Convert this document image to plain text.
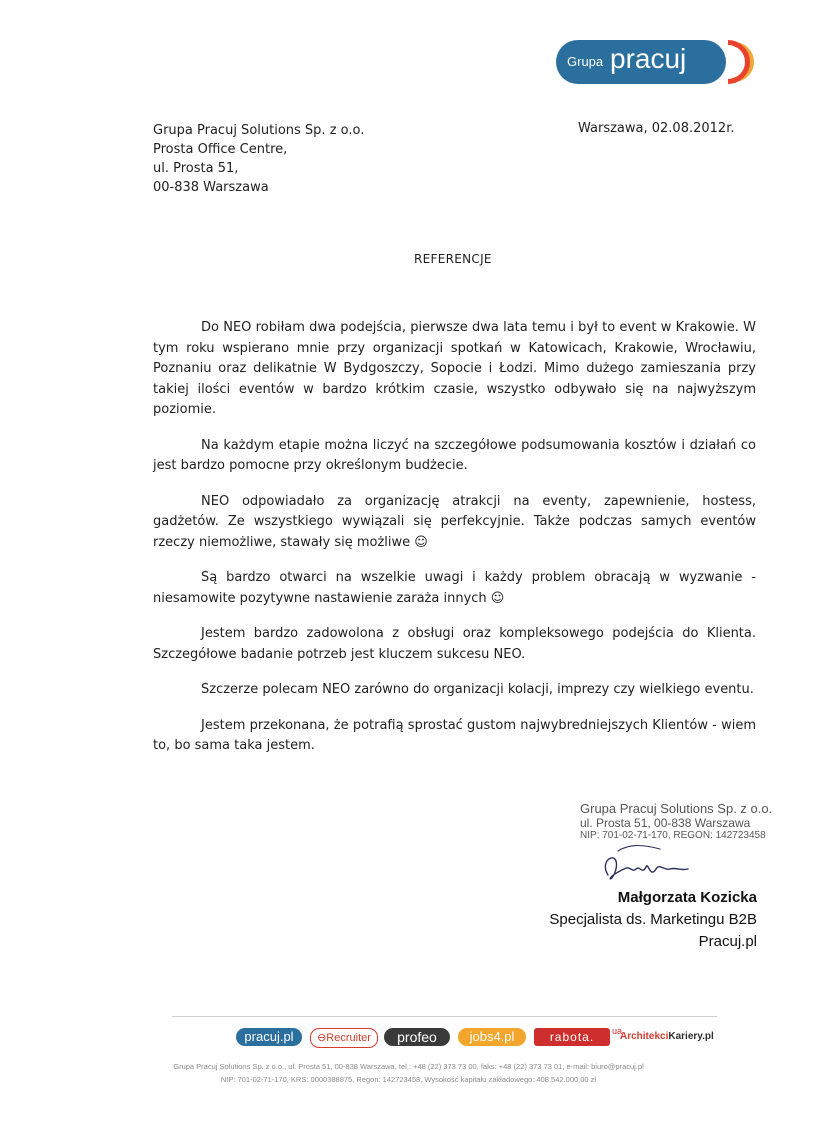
Grupa pracuj
Grupa Pracuj Solutions Sp. z o.o.
Prosta Office Centre,
ul. Prosta 51,
00-838 Warszawa
Warszawa, 02.08.2012r.
REFERENCJE

Do NEO robiłam dwa podejścia, pierwsze dwa lata temu i był to event w Krakowie. W tym roku wspierano mnie przy organizacji spotkań w Katowicach, Krakowie, Wrocławiu, Poznaniu oraz delikatnie W Bydgoszczy, Sopocie i Łodzi. Mimo dużego zamieszania przy takiej ilości eventów w bardzo krótkim czasie, wszystko odbywało się na najwyższym poziomie.

Na każdym etapie można liczyć na szczegółowe podsumowania kosztów i działań co jest bardzo pomocne przy określonym budżecie.

NEO odpowiadało za organizację atrakcji na eventy, zapewnienie, hostess, gadżetów. Ze wszystkiego wywiązali się perfekcyjnie. Także podczas samych eventów rzeczy niemożliwe, stawały się możliwe ☺

Są bardzo otwarci na wszelkie uwagi i każdy problem obracają w wyzwanie - niesamowite pozytywne nastawienie zaraża innych ☺

Jestem bardzo zadowolona z obsługi oraz kompleksowego podejścia do Klienta. Szczegółowe badanie potrzeb jest kluczem sukcesu NEO.

Szczerze polecam NEO zarówno do organizacji kolacji, imprezy czy wielkiego eventu.

Jestem przekonana, że potrafią sprostać gustom najwybredniejszych Klientów - wiem to, bo sama taka jestem.

Grupa Pracuj Solutions Sp. z o.o.
ul. Prosta 51, 00-838 Warszawa
NIP: 701-02-71-170, REGON: 142723458
Małgorzata Kozicka
Specjalista ds. Marketingu B2B
Pracuj.pl
pracuj.pl	⊖Recruiter	profeo	jobs4.pl	rabota.	ua
ArchitekciKariery.pl
Grupa Pracuj Solutions Sp. z o.o., ul. Prosta 51, 00-838 Warszawa, tel.: +48 (22) 373 73 00, faks: +48 (22) 373 73 01, e-mail: biuro@pracuj.pl
NIP: 701-02-71-170, KRS: 0000388875, Regon: 142723458, Wysokość kapitału zakładowego: 408.542.000,00 zł
